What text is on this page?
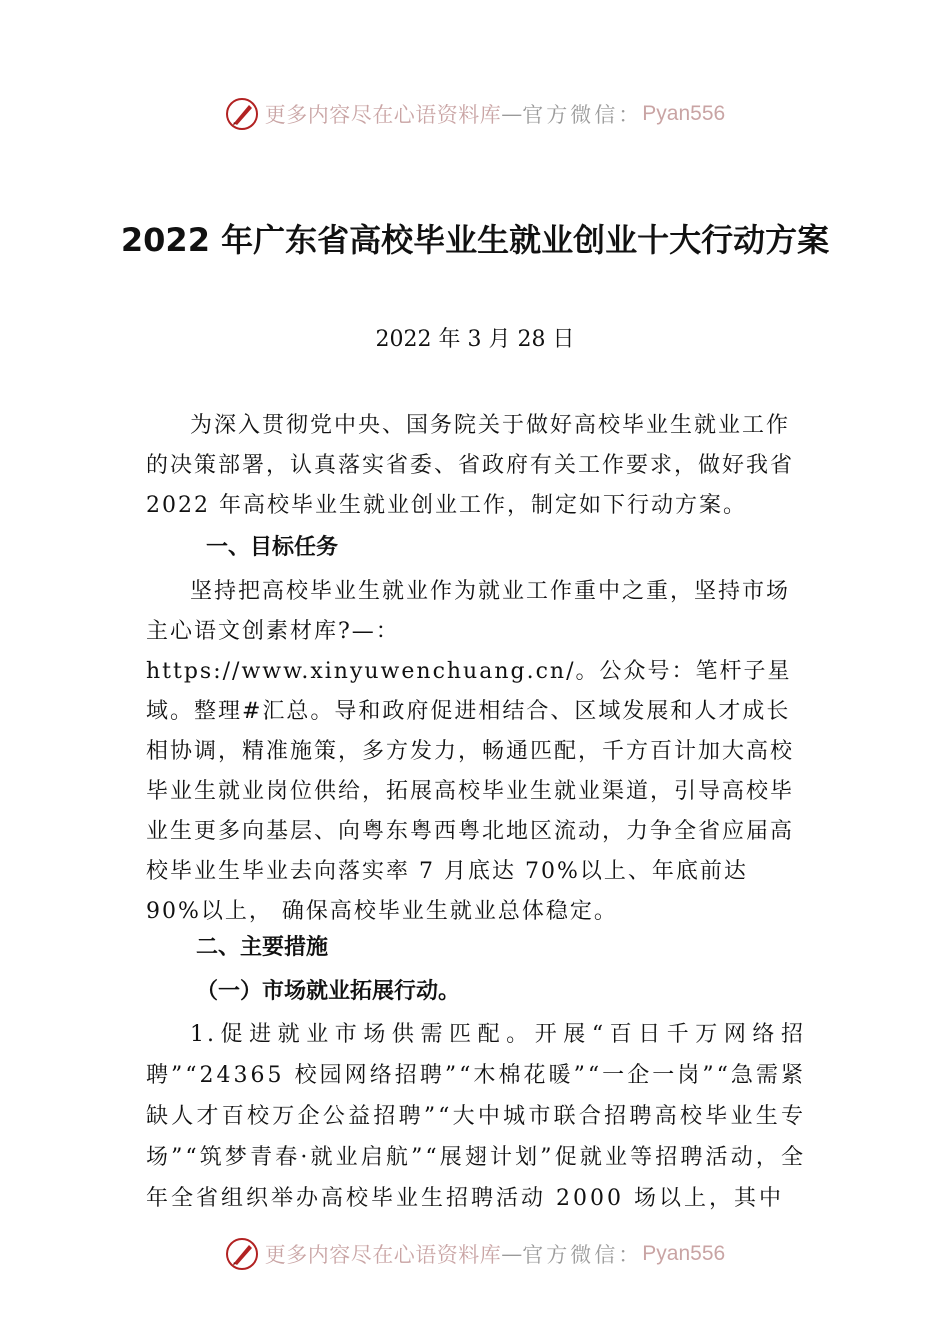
更多内容尽在心语资料库 — 官方微信： Pyan556
2022 年广东省高校毕业生就业创业十大行动方案
2022 年 3 月 28 日
为深入贯彻党中央、国务院关于做好高校毕业生就业工作的决策部署，认真落实省委、省政府有关工作要求，做好我省 2022 年高校毕业生就业创业工作，制定如下行动方案。
一、目标任务
坚持把高校毕业生就业作为就业工作重中之重，坚持市场主心语文创素材库?—：https://www.xinyuwenchuang.cn/。公众号：笔杆子星域。整理#汇总。导和政府促进相结合、区域发展和人才成长相协调，精准施策，多方发力，畅通匹配，千方百计加大高校毕业生就业岗位供给，拓展高校毕业生就业渠道，引导高校毕业生更多向基层、向粤东粤西粤北地区流动，力争全省应届高校毕业生毕业去向落实率 7 月底达 70%以上、年底前达 90%以上， 确保高校毕业生就业总体稳定。
二、主要措施
（一）市场就业拓展行动。
1.促进就业市场供需匹配。开展“百日千万网络招聘”“24365 校园网络招聘”“木棉花暖”“一企一岗”“急需紧缺人才百校万企公益招聘”“大中城市联合招聘高校毕业生专场”“筑梦青春·就业启航”“展翅计划”促就业等招聘活动，全年全省组织举办高校毕业生招聘活动 2000 场以上，其中
更多内容尽在心语资料库 — 官方微信： Pyan556
